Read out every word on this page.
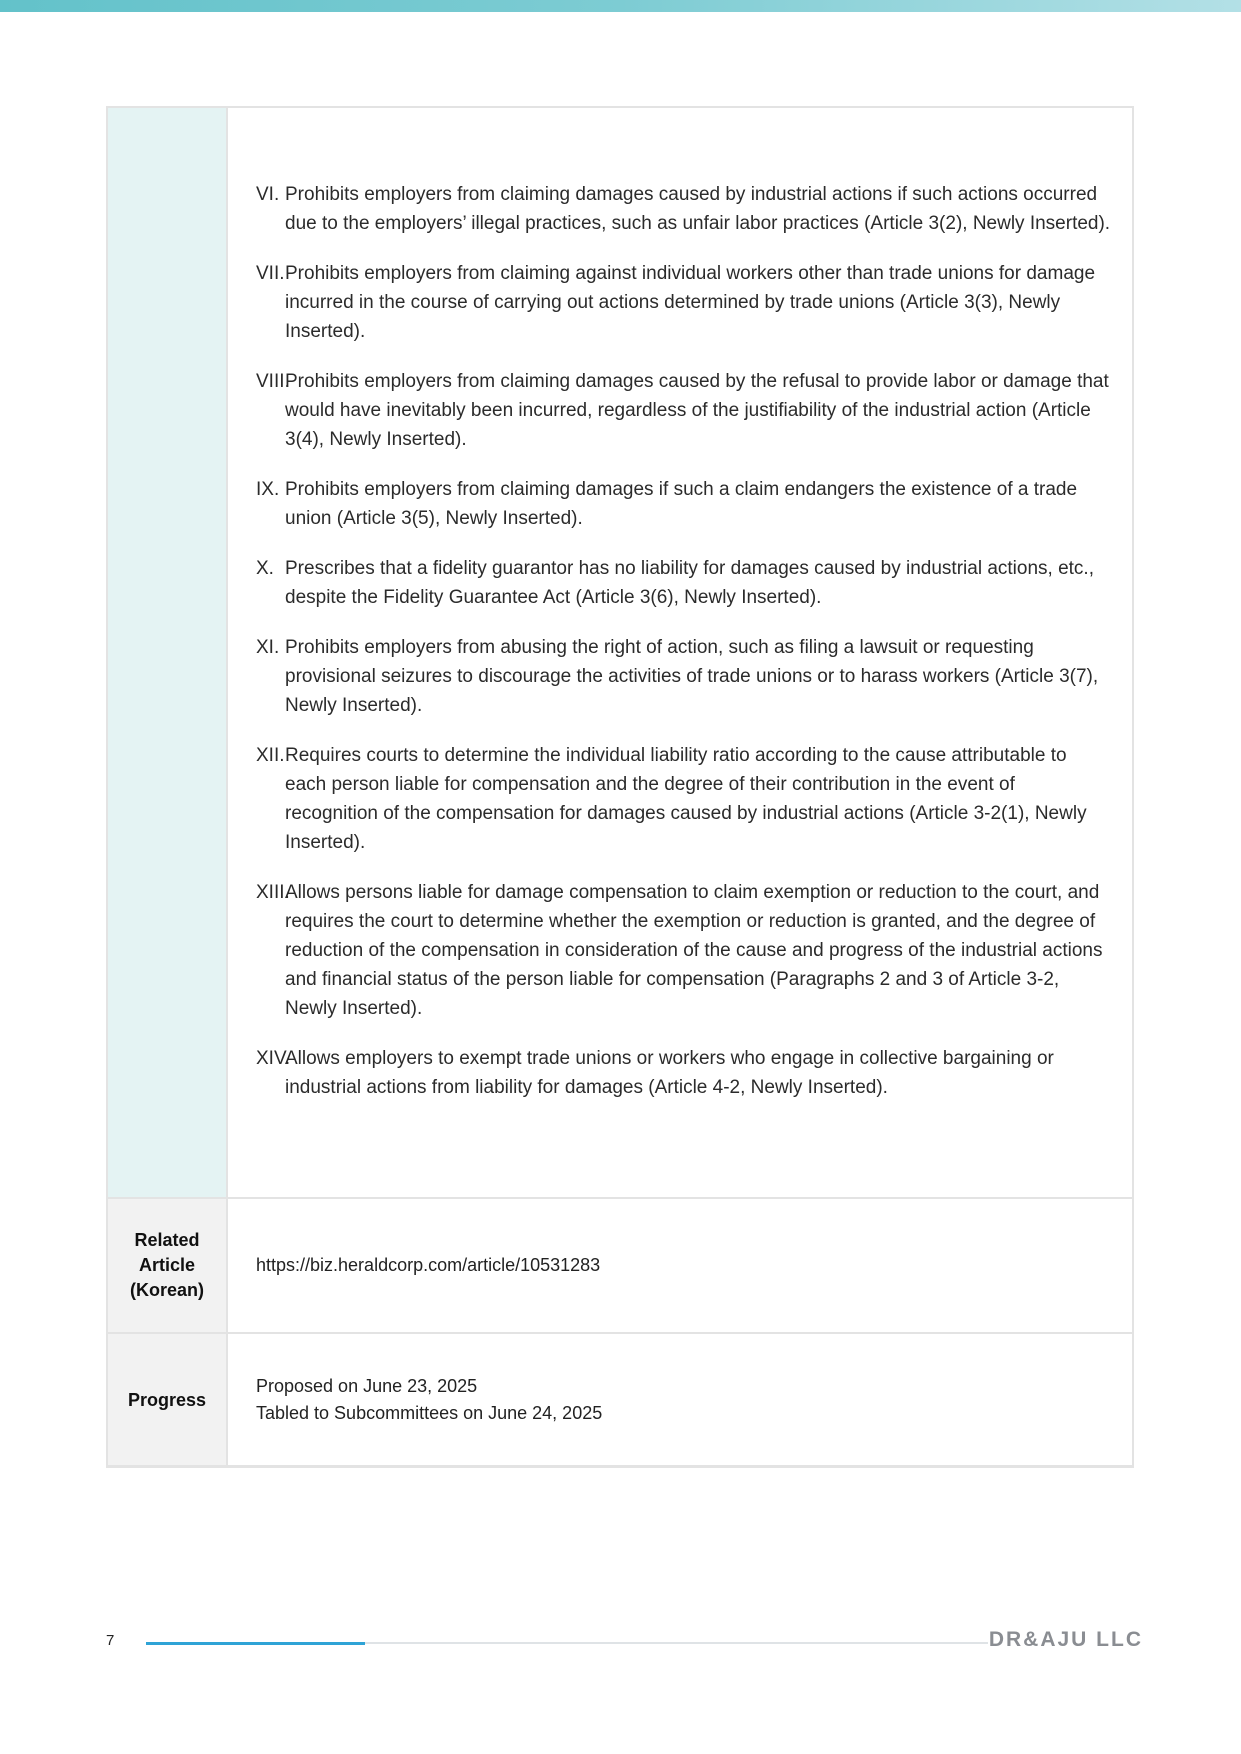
VI. Prohibits employers from claiming damages caused by industrial actions if such actions occurred due to the employers’ illegal practices, such as unfair labor practices (Article 3(2), Newly Inserted).
VII. Prohibits employers from claiming against individual workers other than trade unions for damage incurred in the course of carrying out actions determined by trade unions (Article 3(3), Newly Inserted).
VIII.
Prohibits employers from claiming damages caused by the refusal to provide labor or damage that would have inevitably been incurred, regardless of the justifiability of the industrial action (Article 3(4), Newly Inserted).
IX. Prohibits employers from claiming damages if such a claim endangers the existence of a trade union (Article 3(5), Newly Inserted).
X. Prescribes that a fidelity guarantor has no liability for damages caused by industrial actions, etc., despite the Fidelity Guarantee Act (Article 3(6), Newly Inserted).
XI. Prohibits employers from abusing the right of action, such as filing a lawsuit or requesting provisional seizures to discourage the activities of trade unions or to harass workers (Article 3(7), Newly Inserted).
XII. Requires courts to determine the individual liability ratio according to the cause attributable to each person liable for compensation and the degree of their contribution in the event of recognition of the compensation for damages caused by industrial actions (Article 3-2(1), Newly Inserted).
XIII.
Allows persons liable for damage compensation to claim exemption or reduction to the court, and requires the court to determine whether the exemption or reduction is granted, and the degree of reduction of the compensation in consideration of the cause and progress of the industrial actions and financial status of the person liable for compensation (Paragraphs 2 and 3 of Article 3-2, Newly Inserted).
XIV.
Allows employers to exempt trade unions or workers who engage in collective bargaining or industrial actions from liability for damages (Article 4-2, Newly Inserted).
Related
Article
(Korean)
https://biz.heraldcorp.com/article/10531283
Progress
Proposed on June 23, 2025
Tabled to Subcommittees on June 24, 2025
7	DR&AJU LLC
